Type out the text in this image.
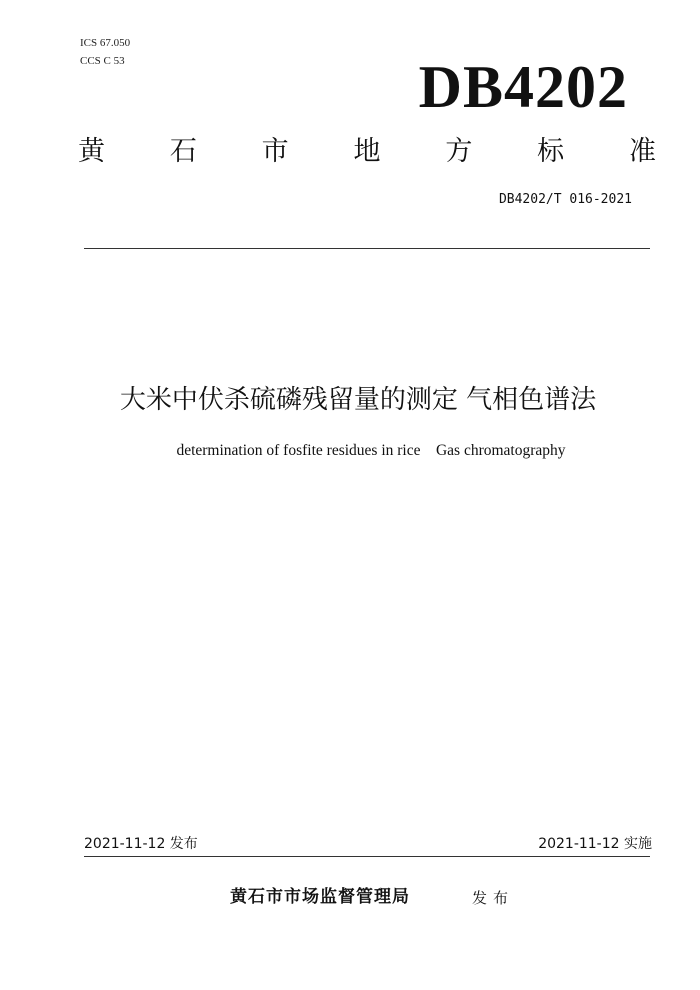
ICS 67.050
CCS C 53	DB4202
黄 石 市 地 方 标 准
DB4202/T 016-2021
大米中伏杀硫磷残留量的测定 气相色谱法
determination of fosfite residues in rice    Gas chromatography
2021-11-12 发布	2021-11-12 实施
黄石市市场监督管理局	发布
